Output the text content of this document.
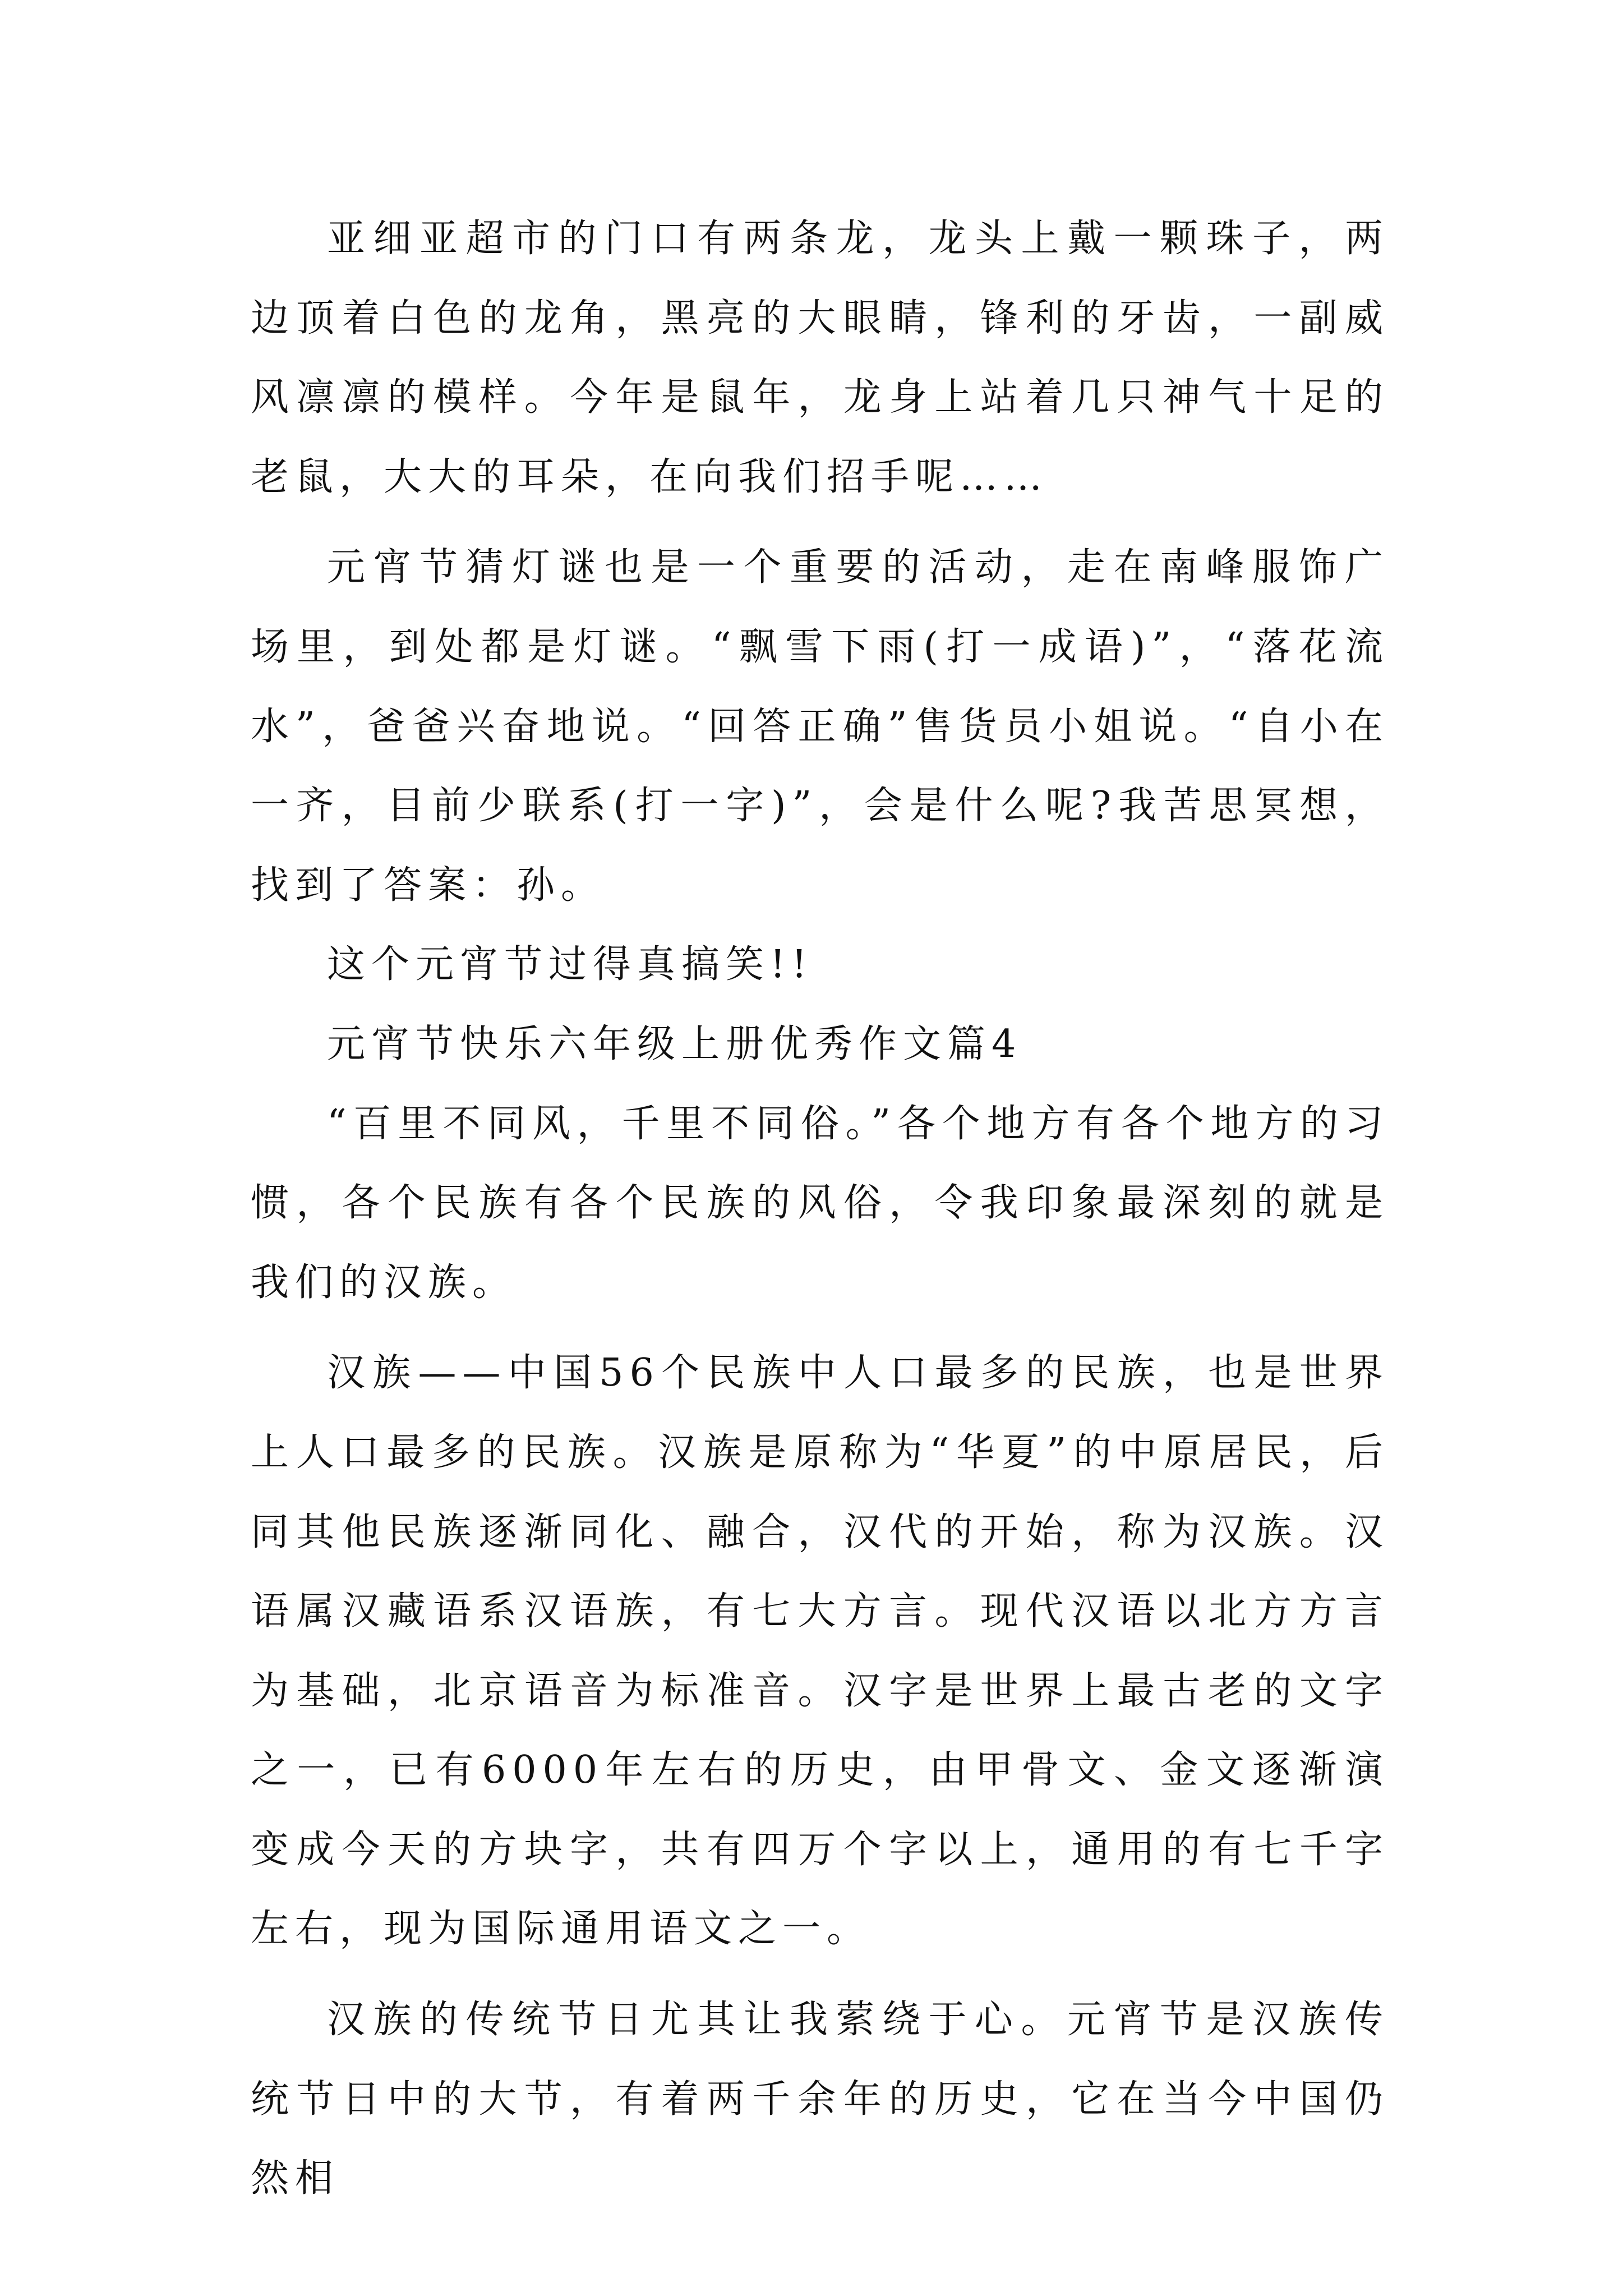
亚细亚超市的门口有两条龙，龙头上戴一颗珠子，两边顶着白色的龙角，黑亮的大眼睛，锋利的牙齿，一副威风凛凛的模样。今年是鼠年，龙身上站着几只神气十足的老鼠，大大的耳朵，在向我们招手呢……

元宵节猜灯谜也是一个重要的活动，走在南峰服饰广场里，到处都是灯谜。“飘雪下雨(打一成语)”，“落花流水”，爸爸兴奋地说。“回答正确”售货员小姐说。“自小在一齐，目前少联系(打一字)”，会是什么呢?我苦思冥想，找到了答案：孙。

这个元宵节过得真搞笑!!

元宵节快乐六年级上册优秀作文篇4

“百里不同风，千里不同俗。”各个地方有各个地方的习惯，各个民族有各个民族的风俗，令我印象最深刻的就是我们的汉族。

汉族——中国56个民族中人口最多的民族，也是世界上人口最多的民族。汉族是原称为“华夏”的中原居民，后同其他民族逐渐同化、融合，汉代的开始，称为汉族。汉语属汉藏语系汉语族，有七大方言。现代汉语以北方方言为基础，北京语音为标准音。汉字是世界上最古老的文字之一，已有6000年左右的历史，由甲骨文、金文逐渐演变成今天的方块字，共有四万个字以上，通用的有七千字左右，现为国际通用语文之一。

汉族的传统节日尤其让我萦绕于心。元宵节是汉族传统节日中的大节，有着两千余年的历史，它在当今中国仍然相
